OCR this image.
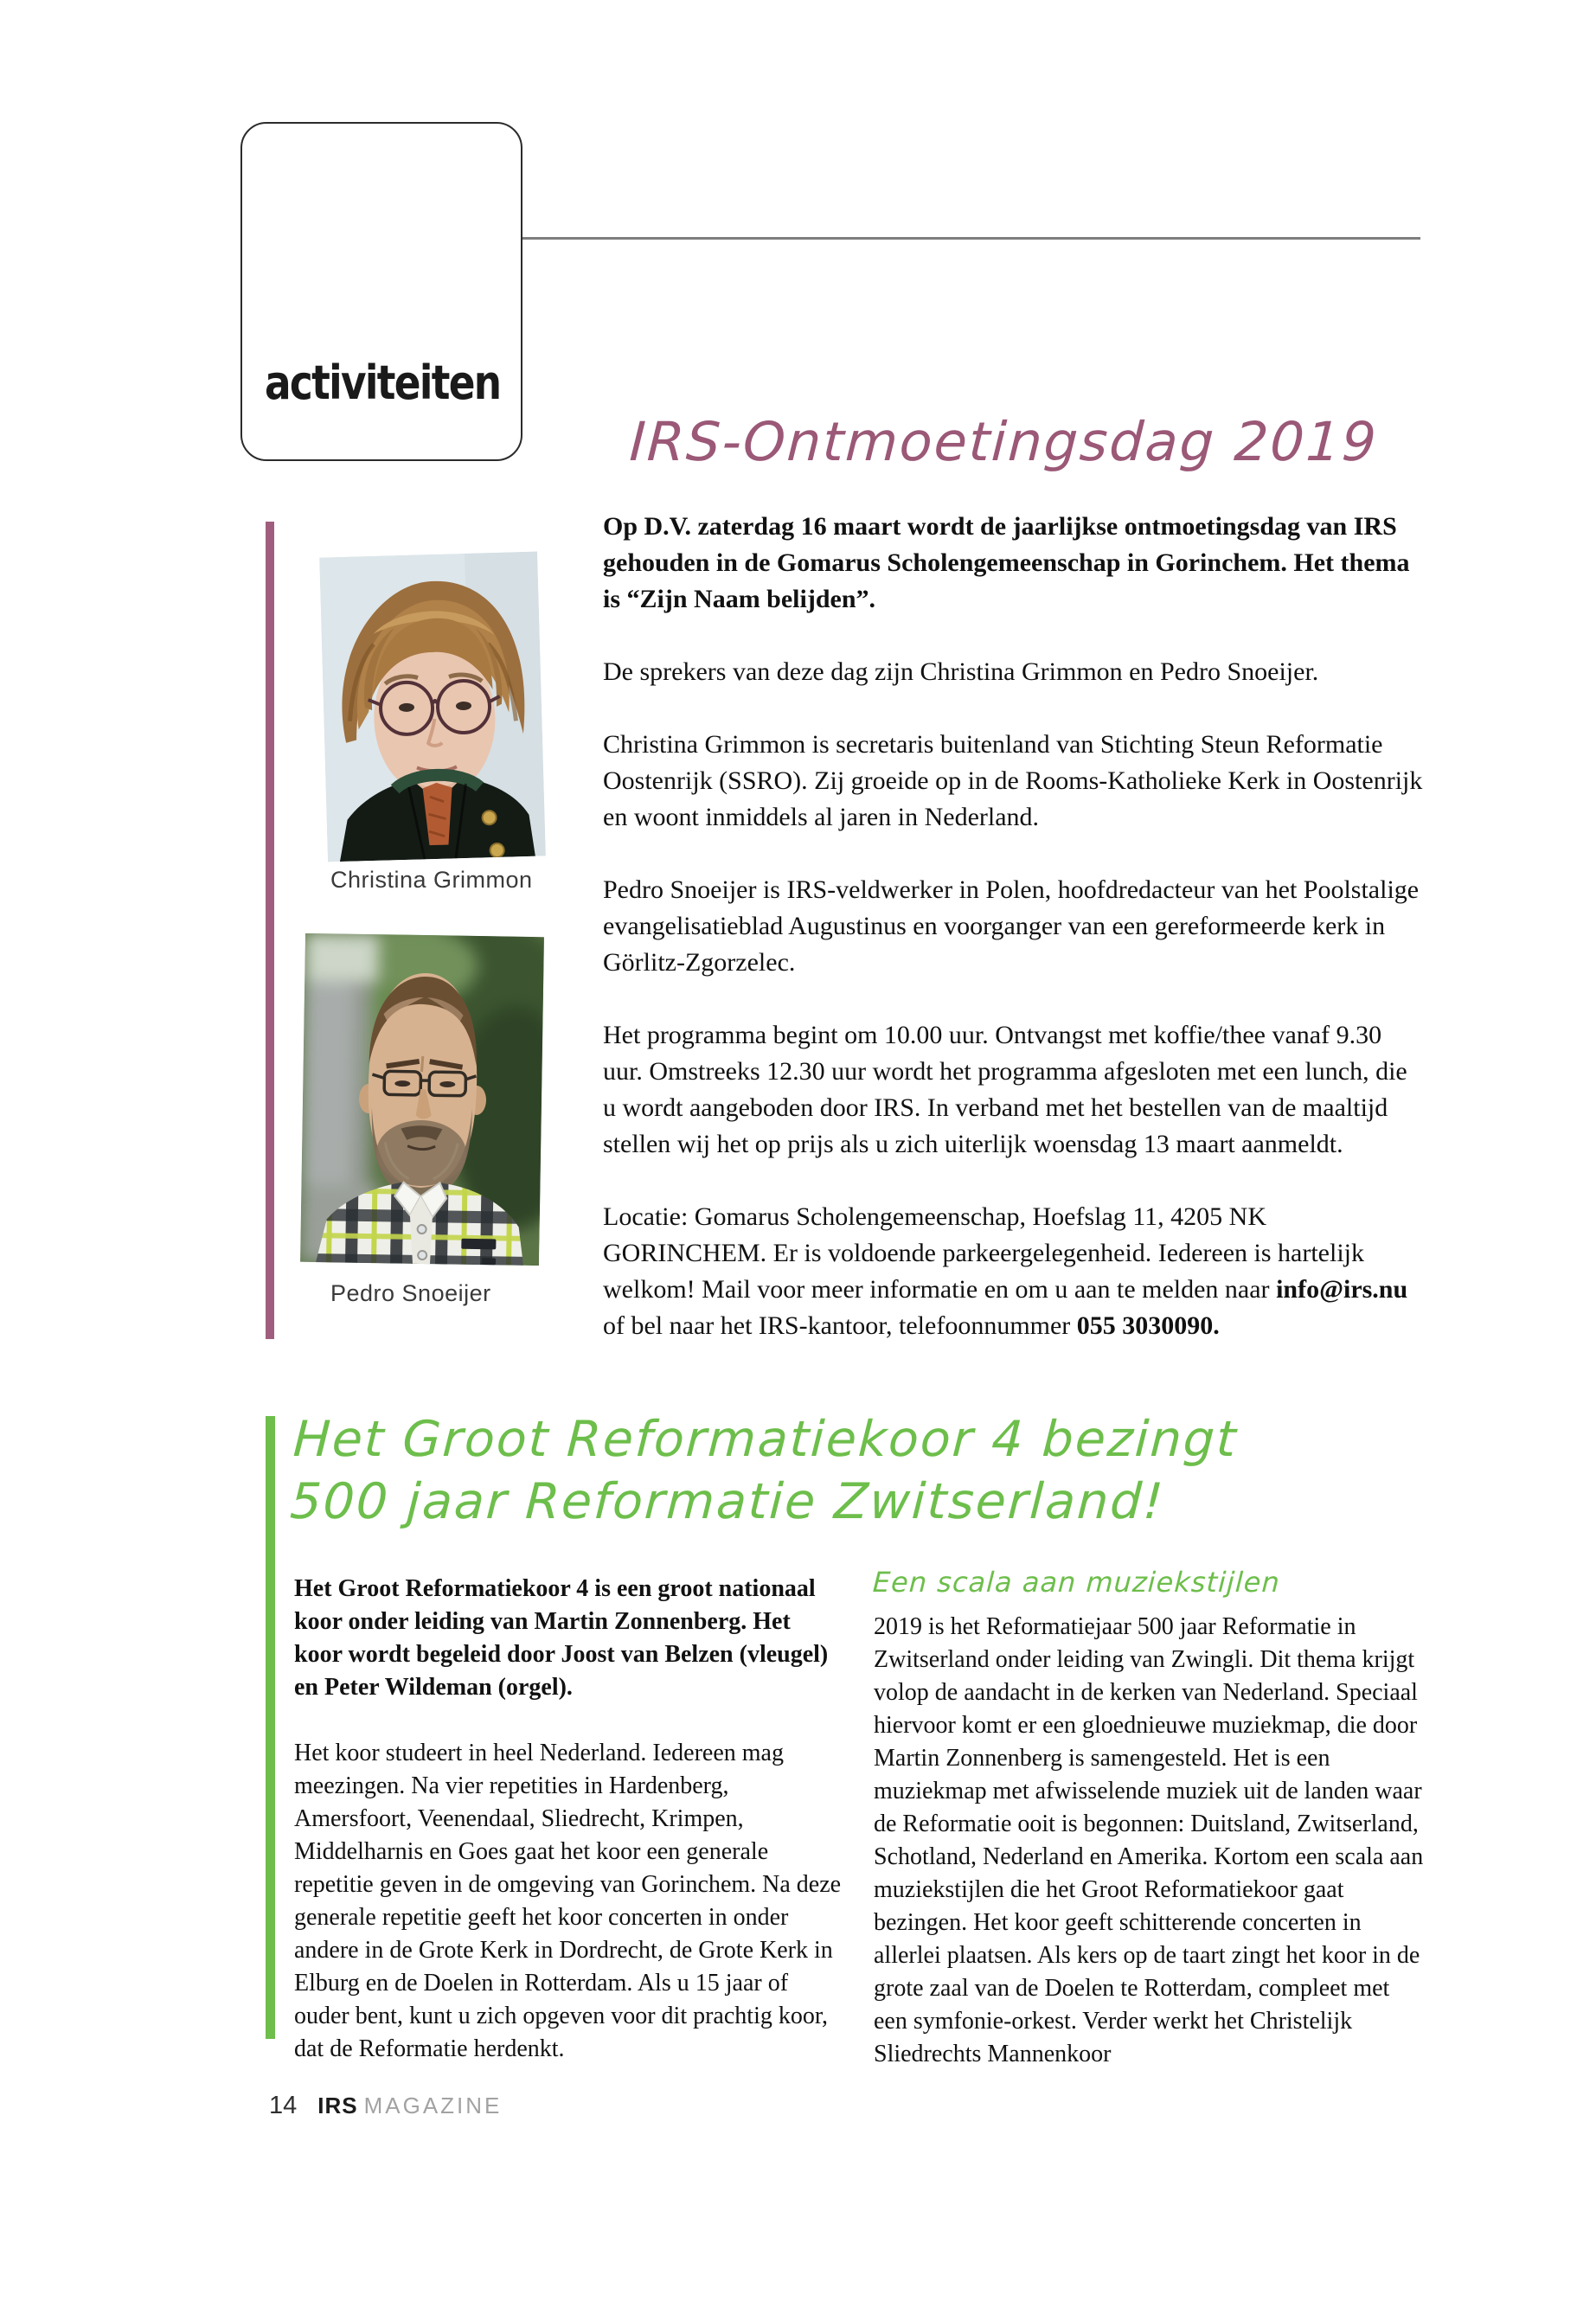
activiteiten
IRS-Ontmoetingsdag 2019
Christina Grimmon
Pedro Snoeijer

Op D.V. zaterdag 16 maart wordt de jaarlijkse ontmoetingsdag van IRS gehouden in de Gomarus Scholengemeenschap in Gorinchem. Het thema is “Zijn Naam belijden”.

De sprekers van deze dag zijn Christina Grimmon en Pedro Snoeijer.

Christina Grimmon is secretaris buitenland van Stichting Steun Reformatie Oostenrijk (SSRO). Zij groeide op in de Rooms-Katholieke Kerk in Oostenrijk en woont inmiddels al jaren in Nederland.

Pedro Snoeijer is IRS-veldwerker in Polen, hoofdredacteur van het Poolstalige evangelisatieblad Augustinus en voorganger van een gereformeerde kerk in Görlitz-Zgorzelec.

Het programma begint om 10.00 uur. Ontvangst met koffie/thee vanaf 9.30 uur. Omstreeks 12.30 uur wordt het programma afgesloten met een lunch, die u wordt aangeboden door IRS. In verband met het bestellen van de maaltijd stellen wij het op prijs als u zich uiterlijk woensdag 13 maart aanmeldt.

Locatie: Gomarus Scholengemeenschap, Hoefslag 11, 4205 NK GORINCHEM. Er is voldoende parkeergelegenheid. Iedereen is hartelijk welkom! Mail voor meer informatie en om u aan te melden naar info@irs.nu of bel naar het IRS-kantoor, telefoonnummer 055 3030090.

Het Groot Reformatiekoor 4 bezingt
500 jaar Reformatie Zwitserland!

Het Groot Reformatiekoor 4 is een groot nationaal koor onder leiding van Martin Zonnenberg. Het koor wordt begeleid door Joost van Belzen (vleugel) en Peter Wildeman (orgel).

Het koor studeert in heel Nederland. Iedereen mag meezingen. Na vier repetities in Hardenberg, Amersfoort, Veenendaal, Sliedrecht, Krimpen, Middelharnis en Goes gaat het koor een generale repetitie geven in de omgeving van Gorinchem. Na deze generale repetitie geeft het koor concerten in onder andere in de Grote Kerk in Dordrecht, de Grote Kerk in Elburg en de Doelen in Rotterdam. Als u 15 jaar of ouder bent, kunt u zich opgeven voor dit prachtig koor, dat de Reformatie herdenkt.

Een scala aan muziekstijlen

2019 is het Reformatiejaar 500 jaar Reformatie in Zwitserland onder leiding van Zwingli. Dit thema krijgt volop de aandacht in de kerken van Nederland. Speciaal hiervoor komt er een gloednieuwe muziekmap, die door Martin Zonnenberg is samengesteld. Het is een muziekmap met afwisselende muziek uit de landen waar de Reformatie ooit is begonnen: Duitsland, Zwitserland, Schotland, Nederland en Amerika. Kortom een scala aan muziekstijlen die het Groot Reformatiekoor gaat bezingen. Het koor geeft schitterende concerten in allerlei plaatsen. Als kers op de taart zingt het koor in de grote zaal van de Doelen te Rotterdam, compleet met een symfonie-orkest. Verder werkt het Christelijk Sliedrechts Mannenkoor

14 IRS MAGAZINE
